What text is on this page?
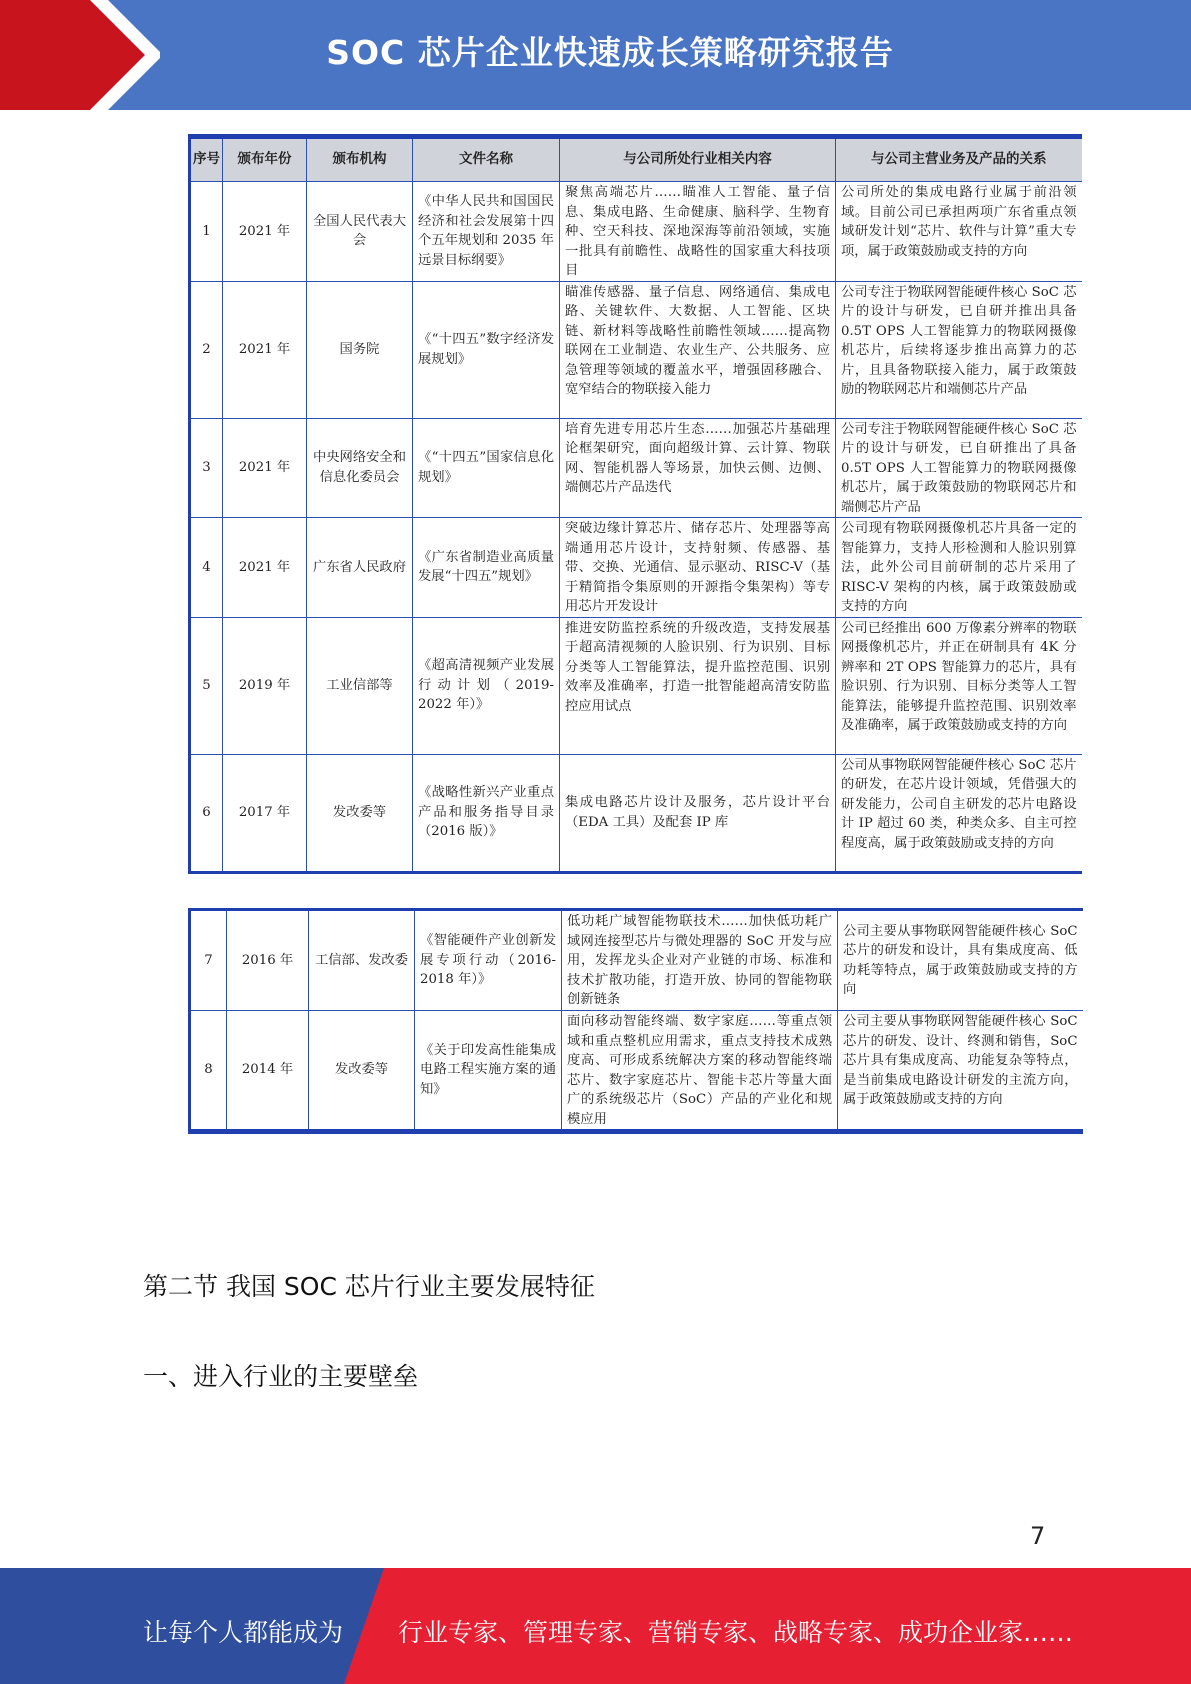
SOC 芯片企业快速成长策略研究报告
序号	颁布年份	颁布机构	文件名称	与公司所处行业相关内容	与公司主营业务及产品的关系
1	2021 年	全国人民代表大会	《中华人民共和国国民经济和社会发展第十四个五年规划和 2035 年远景目标纲要》	聚焦高端芯片……瞄准人工智能、量子信息、集成电路、生命健康、脑科学、生物育种、空天科技、深地深海等前沿领域，实施一批具有前瞻性、战略性的国家重大科技项目	公司所处的集成电路行业属于前沿领域。目前公司已承担两项广东省重点领域研发计划“芯片、软件与计算”重大专项，属于政策鼓励或支持的方向
2	2021 年	国务院	《“十四五”数字经济发展规划》	瞄准传感器、量子信息、网络通信、集成电路、关键软件、大数据、人工智能、区块链、新材料等战略性前瞻性领域……提高物联网在工业制造、农业生产、公共服务、应急管理等领域的覆盖水平，增强固移融合、宽窄结合的物联接入能力	公司专注于物联网智能硬件核心 SoC 芯片的设计与研发，已自研并推出具备 0.5T OPS 人工智能算力的物联网摄像机芯片，后续将逐步推出高算力的芯片，且具备物联接入能力，属于政策鼓励的物联网芯片和端侧芯片产品
3	2021 年	中央网络安全和信息化委员会	《“十四五”国家信息化规划》	培育先进专用芯片生态……加强芯片基础理论框架研究，面向超级计算、云计算、物联网、智能机器人等场景，加快云侧、边侧、端侧芯片产品迭代	公司专注于物联网智能硬件核心 SoC 芯片的设计与研发，已自研推出了具备 0.5T OPS 人工智能算力的物联网摄像机芯片，属于政策鼓励的物联网芯片和端侧芯片产品
4	2021 年	广东省人民政府	《广东省制造业高质量发展“十四五”规划》	突破边缘计算芯片、储存芯片、处理器等高端通用芯片设计，支持射频、传感器、基带、交换、光通信、显示驱动、RISC-V（基于精简指令集原则的开源指令集架构）等专用芯片开发设计	公司现有物联网摄像机芯片具备一定的智能算力，支持人形检测和人脸识别算法，此外公司目前研制的芯片采用了 RISC-V 架构的内核，属于政策鼓励或支持的方向
5	2019 年	工业信部等	《超高清视频产业发展行动计划（2019-2022 年）》	推进安防监控系统的升级改造，支持发展基于超高清视频的人脸识别、行为识别、目标分类等人工智能算法，提升监控范围、识别效率及准确率，打造一批智能超高清安防监控应用试点	公司已经推出 600 万像素分辨率的物联网摄像机芯片，并正在研制具有 4K 分辨率和 2T OPS 智能算力的芯片，具有脸识别、行为识别、目标分类等人工智能算法，能够提升监控范围、识别效率及准确率，属于政策鼓励或支持的方向
6	2017 年	发改委等	《战略性新兴产业重点产品和服务指导目录（2016 版）》	集成电路芯片设计及服务，芯片设计平台（EDA 工具）及配套 IP 库	公司从事物联网智能硬件核心 SoC 芯片的研发，在芯片设计领域，凭借强大的研发能力，公司自主研发的芯片电路设计 IP 超过 60 类，种类众多、自主可控程度高，属于政策鼓励或支持的方向
7	2016 年	工信部、发改委	《智能硬件产业创新发展专项行动（2016-2018 年）》	低功耗广域智能物联技术……加快低功耗广域网连接型芯片与微处理器的 SoC 开发与应用，发挥龙头企业对产业链的市场、标准和技术扩散功能，打造开放、协同的智能物联创新链条	公司主要从事物联网智能硬件核心 SoC 芯片的研发和设计，具有集成度高、低功耗等特点，属于政策鼓励或支持的方向
8	2014 年	发改委等	《关于印发高性能集成电路工程实施方案的通知》	面向移动智能终端、数字家庭……等重点领域和重点整机应用需求，重点支持技术成熟度高、可形成系统解决方案的移动智能终端芯片、数字家庭芯片、智能卡芯片等量大面广的系统级芯片（SoC）产品的产业化和规模应用	公司主要从事物联网智能硬件核心 SoC 芯片的研发、设计、终测和销售，SoC 芯片具有集成度高、功能复杂等特点，是当前集成电路设计研发的主流方向，属于政策鼓励或支持的方向
第二节 我国 SOC 芯片行业主要发展特征
一、进入行业的主要壁垒
7
让每个人都能成为 行业专家、管理专家、营销专家、战略专家、成功企业家……
